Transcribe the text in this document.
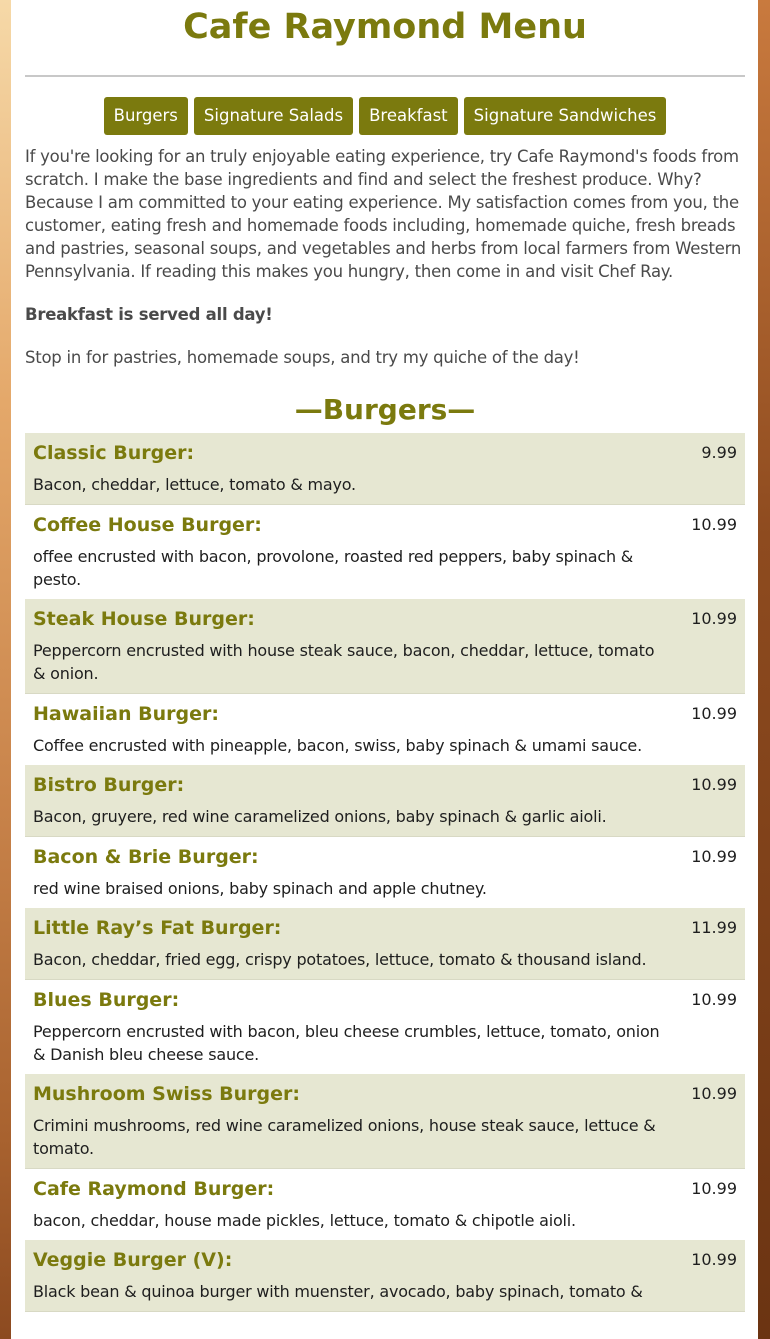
Cafe Raymond Menu
Burgers	Signature Salads	Breakfast	Signature Sandwiches

If you're looking for an truly enjoyable eating experience, try Cafe Raymond's foods from scratch. I make the base ingredients and find and select the freshest produce. Why? Because I am committed to your eating experience. My satisfaction comes from you, the customer, eating fresh and homemade foods including, homemade quiche, fresh breads and pastries, seasonal soups, and vegetables and herbs from local farmers from Western Pennsylvania. If reading this makes you hungry, then come in and visit Chef Ray.

Breakfast is served all day!

Stop in for pastries, homemade soups, and try my quiche of the day!

—Burgers—
Classic Burger:
Bacon, cheddar, lettuce, tomato & mayo.
9.99
Coffee House Burger:
offee encrusted with bacon, provolone, roasted red peppers, baby spinach & pesto.
10.99
Steak House Burger:
Peppercorn encrusted with house steak sauce, bacon, cheddar, lettuce, tomato & onion.
10.99
Hawaiian Burger:
Coffee encrusted with pineapple, bacon, swiss, baby spinach & umami sauce.
10.99
Bistro Burger:
Bacon, gruyere, red wine caramelized onions, baby spinach & garlic aioli.
10.99
Bacon & Brie Burger:
red wine braised onions, baby spinach and apple chutney.
10.99
Little Ray’s Fat Burger:
Bacon, cheddar, fried egg, crispy potatoes, lettuce, tomato & thousand island.
11.99
Blues Burger:
Peppercorn encrusted with bacon, bleu cheese crumbles, lettuce, tomato, onion & Danish bleu cheese sauce.
10.99
Mushroom Swiss Burger:
Crimini mushrooms, red wine caramelized onions, house steak sauce, lettuce & tomato.
10.99
Cafe Raymond Burger:
bacon, cheddar, house made pickles, lettuce, tomato & chipotle aioli.
10.99
Veggie Burger (V):
Black bean & quinoa burger with muenster, avocado, baby spinach, tomato &
10.99
